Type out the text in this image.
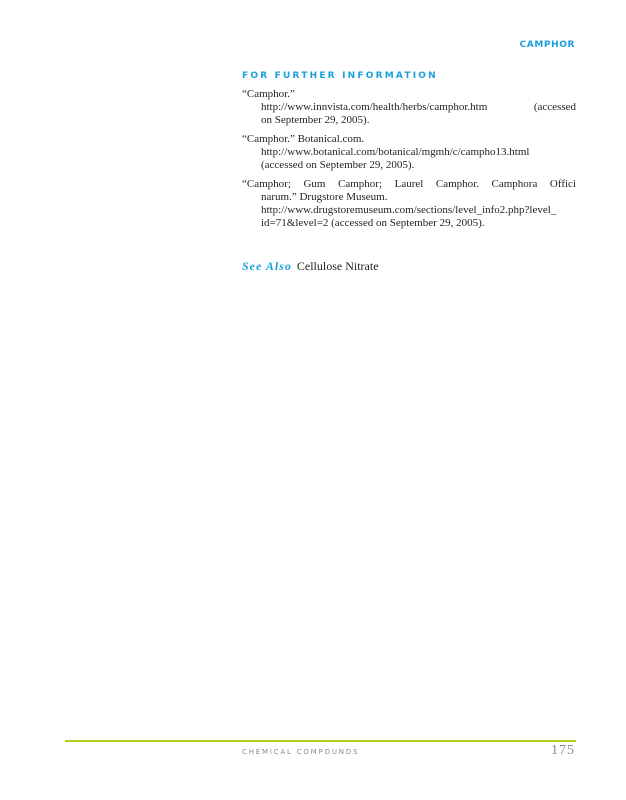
CAMPHOR
FOR FURTHER INFORMATION
“Camphor.”
http://www.innvista.com/health/herbs/camphor.htm (accessed
on September 29, 2005).
“Camphor.” Botanical.com.
http://www.botanical.com/botanical/mgmh/c/campho13.html
(accessed on September 29, 2005).
“Camphor; Gum Camphor; Laurel Camphor. Camphora Offici
narum.” Drugstore Museum.
http://www.drugstoremuseum.com/sections/level_info2.php?level_
id=71&level=2 (accessed on September 29, 2005).
See Also Cellulose Nitrate
CHEMICAL COMPOUNDS	175
